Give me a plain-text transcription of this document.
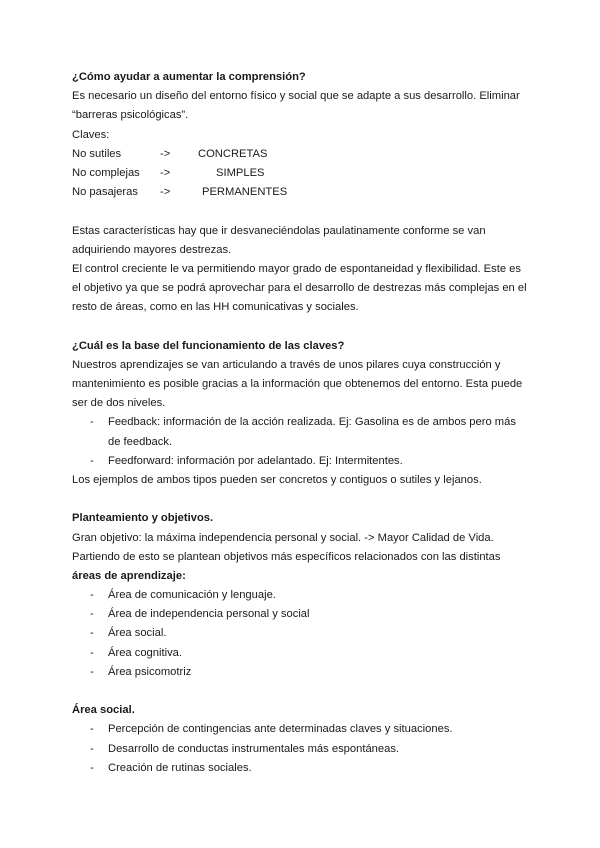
¿Cómo ayudar a aumentar la comprensión?
Es necesario un diseño del entorno físico y social que se adapte a sus desarrollo. Eliminar
“barreras psicológicas”.
Claves:
No sutiles	-> CONCRETAS
No complejas ->	SIMPLES
No pasajeras ->	PERMANENTES
Estas características hay que ir desvaneciéndolas paulatinamente conforme se van
adquiriendo mayores destrezas.
El control creciente le va permitiendo mayor grado de espontaneidad y flexibilidad. Este es
el objetivo ya que se podrá aprovechar para el desarrollo de destrezas más complejas en el
resto de áreas, como en las HH comunicativas y sociales.
¿Cuál es la base del funcionamiento de las claves?
Nuestros aprendizajes se van articulando a través de unos pilares cuya construcción y
mantenimiento es posible gracias a la información que obtenemos del entorno. Esta puede
ser de dos niveles.
- Feedback: información de la acción realizada. Ej: Gasolina es de ambos pero más
de feedback.
- Feedforward: información por adelantado. Ej: Intermitentes.
Los ejemplos de ambos tipos pueden ser concretos y contiguos o sutiles y lejanos.
Planteamiento y objetivos.
Gran objetivo: la máxima independencia personal y social. -> Mayor Calidad de Vida.
Partiendo de esto se plantean objetivos más específicos relacionados con las distintas
áreas de aprendizaje:
- Área de comunicación y lenguaje.
- Área de independencia personal y social
- Área social.
- Área cognitiva.
- Área psicomotriz
Área social.
- Percepción de contingencias ante determinadas claves y situaciones.
- Desarrollo de conductas instrumentales más espontáneas.
- Creación de rutinas sociales.
